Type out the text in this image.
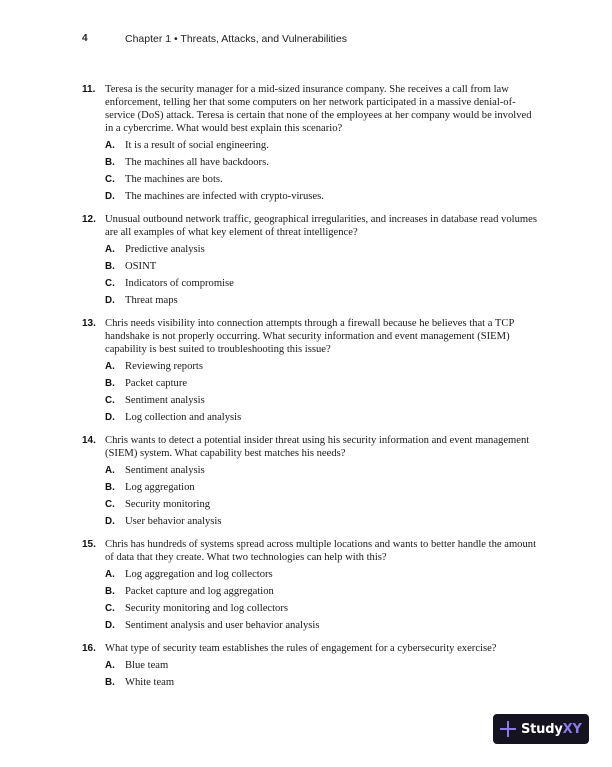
4	Chapter 1 • Threats, Attacks, and Vulnerabilities
11. Teresa is the security manager for a mid-sized insurance company. She receives a call from law enforcement, telling her that some computers on her network participated in a massive denial-of-service (DoS) attack. Teresa is certain that none of the employees at her company would be involved in a cybercrime. What would best explain this scenario?
A. It is a result of social engineering.
B. The machines all have backdoors.
C. The machines are bots.
D. The machines are infected with crypto-viruses.
12. Unusual outbound network traffic, geographical irregularities, and increases in database read volumes are all examples of what key element of threat intelligence?
A. Predictive analysis
B. OSINT
C. Indicators of compromise
D. Threat maps
13. Chris needs visibility into connection attempts through a firewall because he believes that a TCP handshake is not properly occurring. What security information and event management (SIEM) capability is best suited to troubleshooting this issue?
A. Reviewing reports
B. Packet capture
C. Sentiment analysis
D. Log collection and analysis
14. Chris wants to detect a potential insider threat using his security information and event management (SIEM) system. What capability best matches his needs?
A. Sentiment analysis
B. Log aggregation
C. Security monitoring
D. User behavior analysis
15. Chris has hundreds of systems spread across multiple locations and wants to better handle the amount of data that they create. What two technologies can help with this?
A. Log aggregation and log collectors
B. Packet capture and log aggregation
C. Security monitoring and log collectors
D. Sentiment analysis and user behavior analysis
16. What type of security team establishes the rules of engagement for a cybersecurity exercise?
A. Blue team
B. White team
StudyXY
